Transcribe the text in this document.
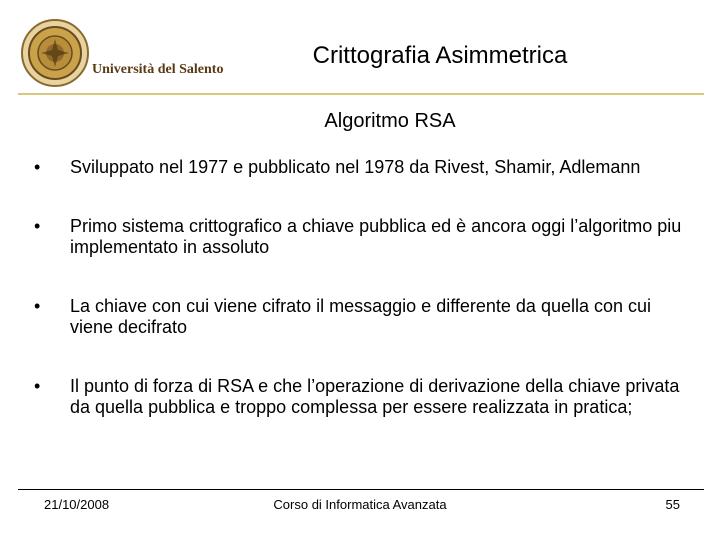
Università del Salento
Crittografia Asimmetrica
Algoritmo RSA
• Sviluppato nel 1977 e pubblicato nel 1978 da Rivest, Shamir, Adlemann
• Primo sistema crittografico a chiave pubblica ed è ancora oggi l’algoritmo piu implementato in assoluto
• La chiave con cui viene cifrato il messaggio e differente da quella con cui viene decifrato
• Il punto di forza di RSA e che l’operazione di derivazione della chiave privata da quella pubblica e troppo complessa per essere realizzata in pratica;
21/10/2008	Corso di Informatica Avanzata	55
